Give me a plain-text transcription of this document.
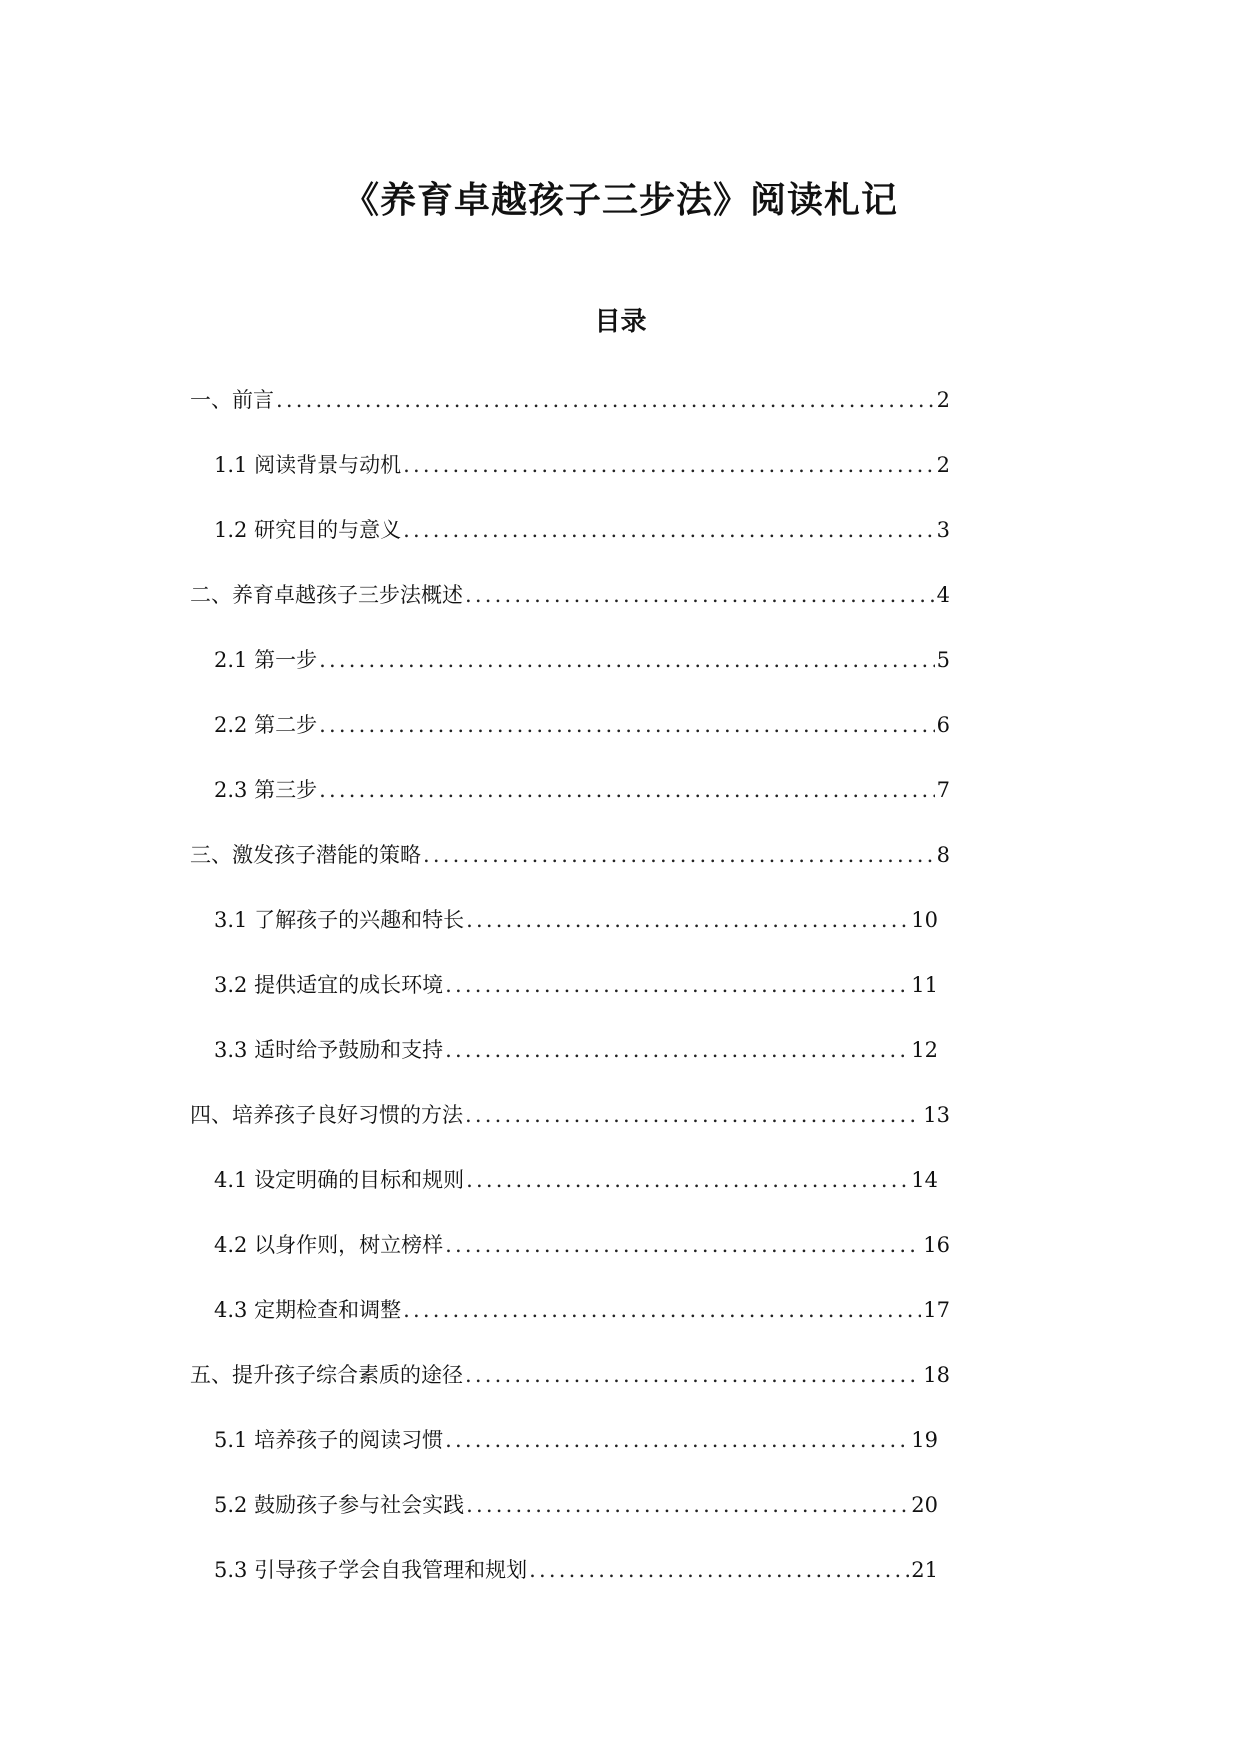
《养育卓越孩子三步法》阅读札记
目录
一、前言 .....	2
1.1 阅读背景与动机 .....	2
1.2 研究目的与意义 .....	3
二、养育卓越孩子三步法概述 .....	4
2.1 第一步 .....	5
2.2 第二步 .....	6
2.3 第三步 .....	7
三、激发孩子潜能的策略 .....	8
3.1 了解孩子的兴趣和特长 .....	10
3.2 提供适宜的成长环境 .....	11
3.3 适时给予鼓励和支持 .....	12
四、培养孩子良好习惯的方法 .....	13
4.1 设定明确的目标和规则 .....	14
4.2 以身作则，树立榜样 .....	16
4.3 定期检查和调整 .....	17
五、提升孩子综合素质的途径 .....	18
5.1 培养孩子的阅读习惯 .....	19
5.2 鼓励孩子参与社会实践 .....	20
5.3 引导孩子学会自我管理和规划 .....	21
